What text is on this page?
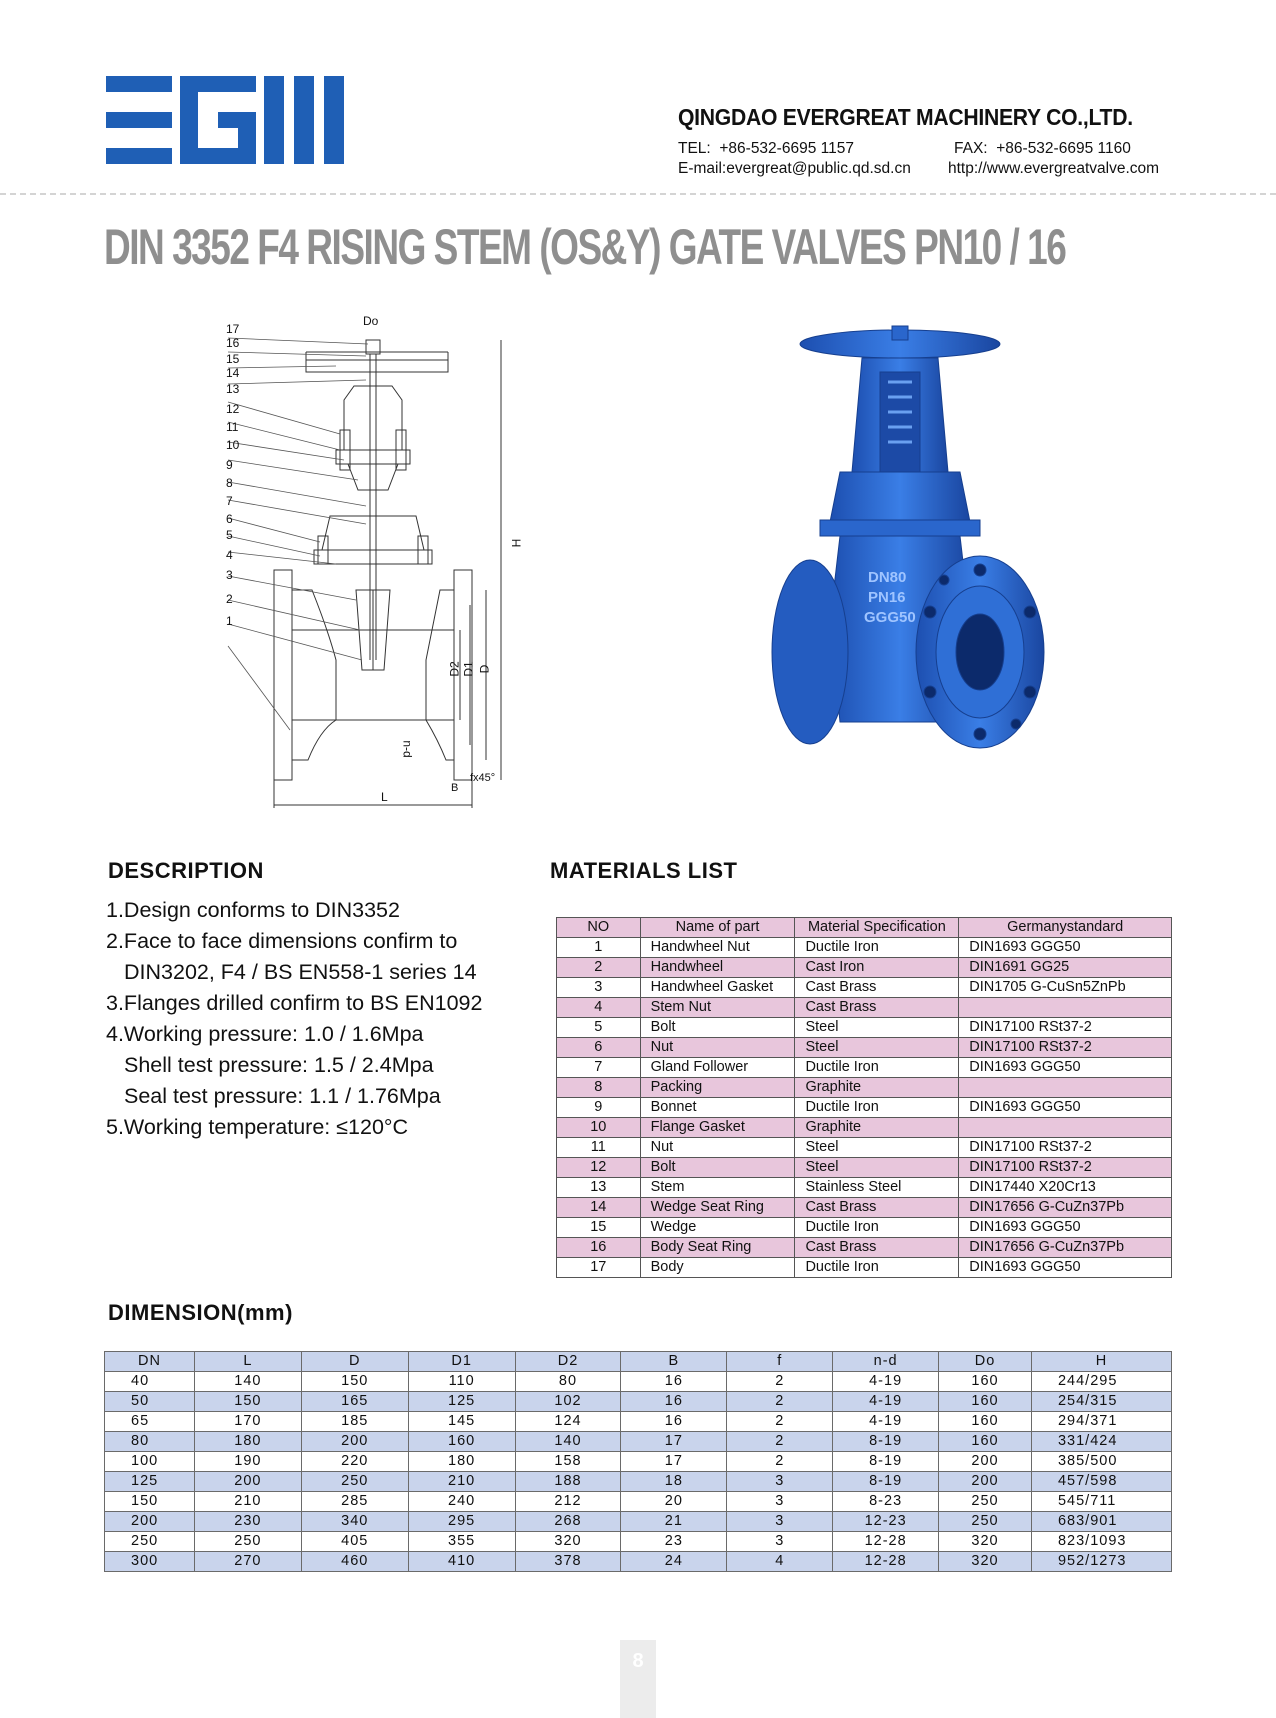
QINGDAO EVERGREAT MACHINERY CO.,LTD.
TEL: +86-532-6695 1157	FAX: +86-532-6695 1160
E-mail:evergreat@public.qd.sd.cn http://www.evergreatvalve.com
DIN 3352 F4 RISING STEM (OS&Y) GATE VALVES PN10 / 16
17
16
15
14
13
12
11
10
9
8
7
6
5
4
3
2
1
Do
H
D2 D1 D
n-d
fx45°
B
L
DN80
PN16
GGG50
DESCRIPTION
1.Design conforms to DIN3352
2.Face to face dimensions confirm to
DIN3202, F4 / BS EN558-1 series 14
3.Flanges drilled confirm to BS EN1092
4.Working pressure: 1.0 / 1.6Mpa
Shell test pressure: 1.5 / 2.4Mpa
Seal test pressure: 1.1 / 1.76Mpa
5.Working temperature: ≤120°C
MATERIALS LIST
NO	Name of part	Material Specification	Germanystandard
1	Handwheel Nut	Ductile Iron	DIN1693 GGG50
2	Handwheel	Cast Iron	DIN1691 GG25
3	Handwheel Gasket	Cast Brass	DIN1705 G-CuSn5ZnPb
4	Stem Nut	Cast Brass	
5	Bolt	Steel	DIN17100 RSt37-2
6	Nut	Steel	DIN17100 RSt37-2
7	Gland Follower	Ductile Iron	DIN1693 GGG50
8	Packing	Graphite	
9	Bonnet	Ductile Iron	DIN1693 GGG50
10	Flange Gasket	Graphite	
11	Nut	Steel	DIN17100 RSt37-2
12	Bolt	Steel	DIN17100 RSt37-2
13	Stem	Stainless Steel	DIN17440 X20Cr13
14	Wedge Seat Ring	Cast Brass	DIN17656 G-CuZn37Pb
15	Wedge	Ductile Iron	DIN1693 GGG50
16	Body Seat Ring	Cast Brass	DIN17656 G-CuZn37Pb
17	Body	Ductile Iron	DIN1693 GGG50
DIMENSION(mm)
DN	L	D	D1	D2	B	f	n-d	Do	H
40	140	150	110	80	16	2	4-19	160	244/295
50	150	165	125	102	16	2	4-19	160	254/315
65	170	185	145	124	16	2	4-19	160	294/371
80	180	200	160	140	17	2	8-19	160	331/424
100	190	220	180	158	17	2	8-19	200	385/500
125	200	250	210	188	18	3	8-19	200	457/598
150	210	285	240	212	20	3	8-23	250	545/711
200	230	340	295	268	21	3	12-23	250	683/901
250	250	405	355	320	23	3	12-28	320	823/1093
300	270	460	410	378	24	4	12-28	320	952/1273
8
